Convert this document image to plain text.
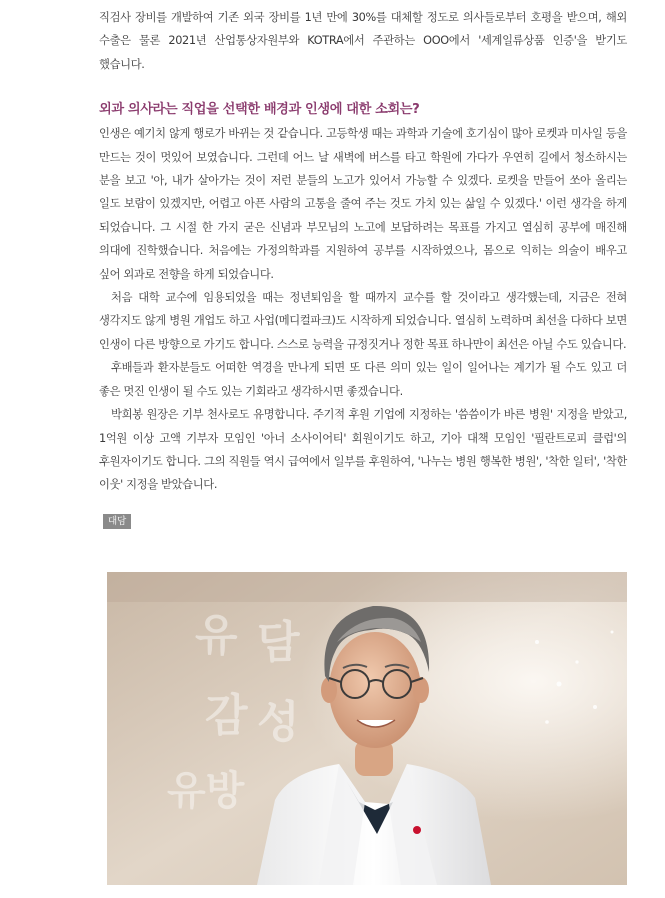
직검사 장비를 개발하여 기존 외국 장비를 1년 만에 30%를 대체할 정도로 의사들로부터 호평을 받으며, 해외 수출은 물론 2021년 산업통상자원부와 KOTRA에서 주관하는 OOO에서 '세계일류상품 인증'을 받기도 했습니다.

외과 의사라는 직업을 선택한 배경과 인생에 대한 소회는?

인생은 예기치 않게 행로가 바뀌는 것 같습니다. 고등학생 때는 과학과 기술에 호기심이 많아 로켓과 미사일 등을 만드는 것이 멋있어 보였습니다. 그런데 어느 날 새벽에 버스를 타고 학원에 가다가 우연히 길에서 청소하시는 분을 보고 '아, 내가 살아가는 것이 저런 분들의 노고가 있어서 가능할 수 있겠다. 로켓을 만들어 쏘아 올리는 일도 보람이 있겠지만, 어렵고 아픈 사람의 고통을 줄여 주는 것도 가치 있는 삶일 수 있겠다.' 이런 생각을 하게 되었습니다. 그 시절 한 가지 굳은 신념과 부모님의 노고에 보답하려는 목표를 가지고 열심히 공부에 매진해 의대에 진학했습니다. 처음에는 가정의학과를 지원하여 공부를 시작하였으나, 몸으로 익히는 의술이 배우고 싶어 외과로 전향을 하게 되었습니다.

처음 대학 교수에 임용되었을 때는 정년퇴임을 할 때까지 교수를 할 것이라고 생각했는데, 지금은 전혀 생각지도 않게 병원 개업도 하고 사업(메디컬파크)도 시작하게 되었습니다. 열심히 노력하며 최선을 다하다 보면 인생이 다른 방향으로 가기도 합니다. 스스로 능력을 규정짓거나 정한 목표 하나만이 최선은 아닐 수도 있습니다.

후배들과 환자분들도 어떠한 역경을 만나게 되면 또 다른 의미 있는 일이 일어나는 계기가 될 수도 있고 더 좋은 멋진 인생이 될 수도 있는 기회라고 생각하시면 좋겠습니다.

박희봉 원장은 기부 천사로도 유명합니다. 주기적 후원 기업에 지정하는 '씀씀이가 바른 병원' 지정을 받았고, 1억원 이상 고액 기부자 모임인 '아너 소사이어티' 회원이기도 하고, 기아 대책 모임인 '필란트로피 클럽'의 후원자이기도 합니다. 그의 직원들 역시 급여에서 일부를 후원하여, '나누는 병원 행복한 병원', '착한 일터', '착한 이웃' 지정을 받았습니다.

대담
유 담
감 성
유방
